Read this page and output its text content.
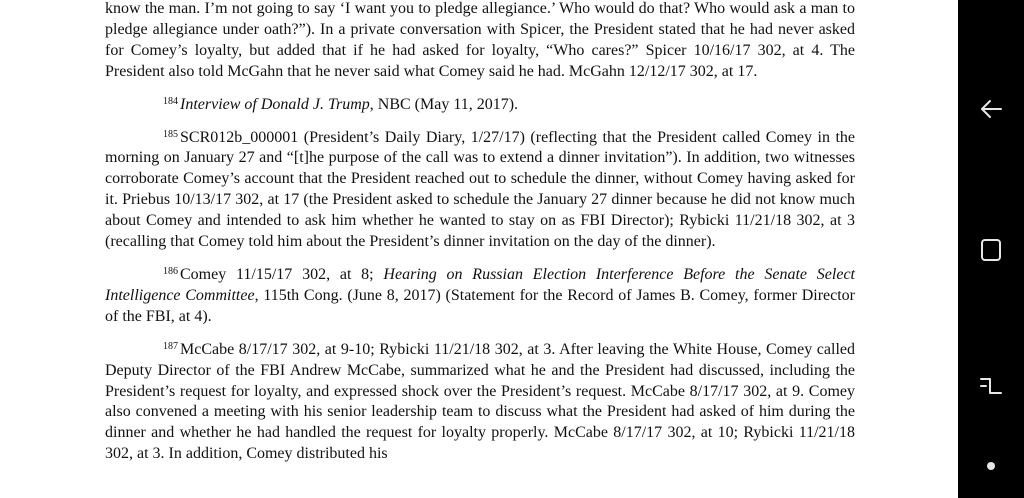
know the man. I’m not going to say ‘I want you to pledge allegiance.’ Who would do that? Who would ask a man to pledge allegiance under oath?”). In a private conversation with Spicer, the President stated that he had never asked for Comey’s loyalty, but added that if he had asked for loyalty, “Who cares?” Spicer 10/16/17 302, at 4. The President also told McGahn that he never said what Comey said he had. McGahn 12/12/17 302, at 17.

$^{184}$ Interview of Donald J. Trump, NBC (May 11, 2017).

$^{185}$ SCR012b_000001 (President’s Daily Diary, 1/27/17) (reflecting that the President called Comey in the morning on January 27 and “[t]he purpose of the call was to extend a dinner invitation”). In addition, two witnesses corroborate Comey’s account that the President reached out to schedule the dinner, without Comey having asked for it. Priebus 10/13/17 302, at 17 (the President asked to schedule the January 27 dinner because he did not know much about Comey and intended to ask him whether he wanted to stay on as FBI Director); Rybicki 11/21/18 302, at 3 (recalling that Comey told him about the President’s dinner invitation on the day of the dinner).

$^{186}$ Comey 11/15/17 302, at 8; Hearing on Russian Election Interference Before the Senate Select Intelligence Committee, 115th Cong. (June 8, 2017) (Statement for the Record of James B. Comey, former Director of the FBI, at 4).

$^{187}$ McCabe 8/17/17 302, at 9-10; Rybicki 11/21/18 302, at 3. After leaving the White House, Comey called Deputy Director of the FBI Andrew McCabe, summarized what he and the President had discussed, including the President’s request for loyalty, and expressed shock over the President’s request. McCabe 8/17/17 302, at 9. Comey also convened a meeting with his senior leadership team to discuss what the President had asked of him during the dinner and whether he had handled the request for loyalty properly. McCabe 8/17/17 302, at 10; Rybicki 11/21/18 302, at 3. In addition, Comey distributed his
